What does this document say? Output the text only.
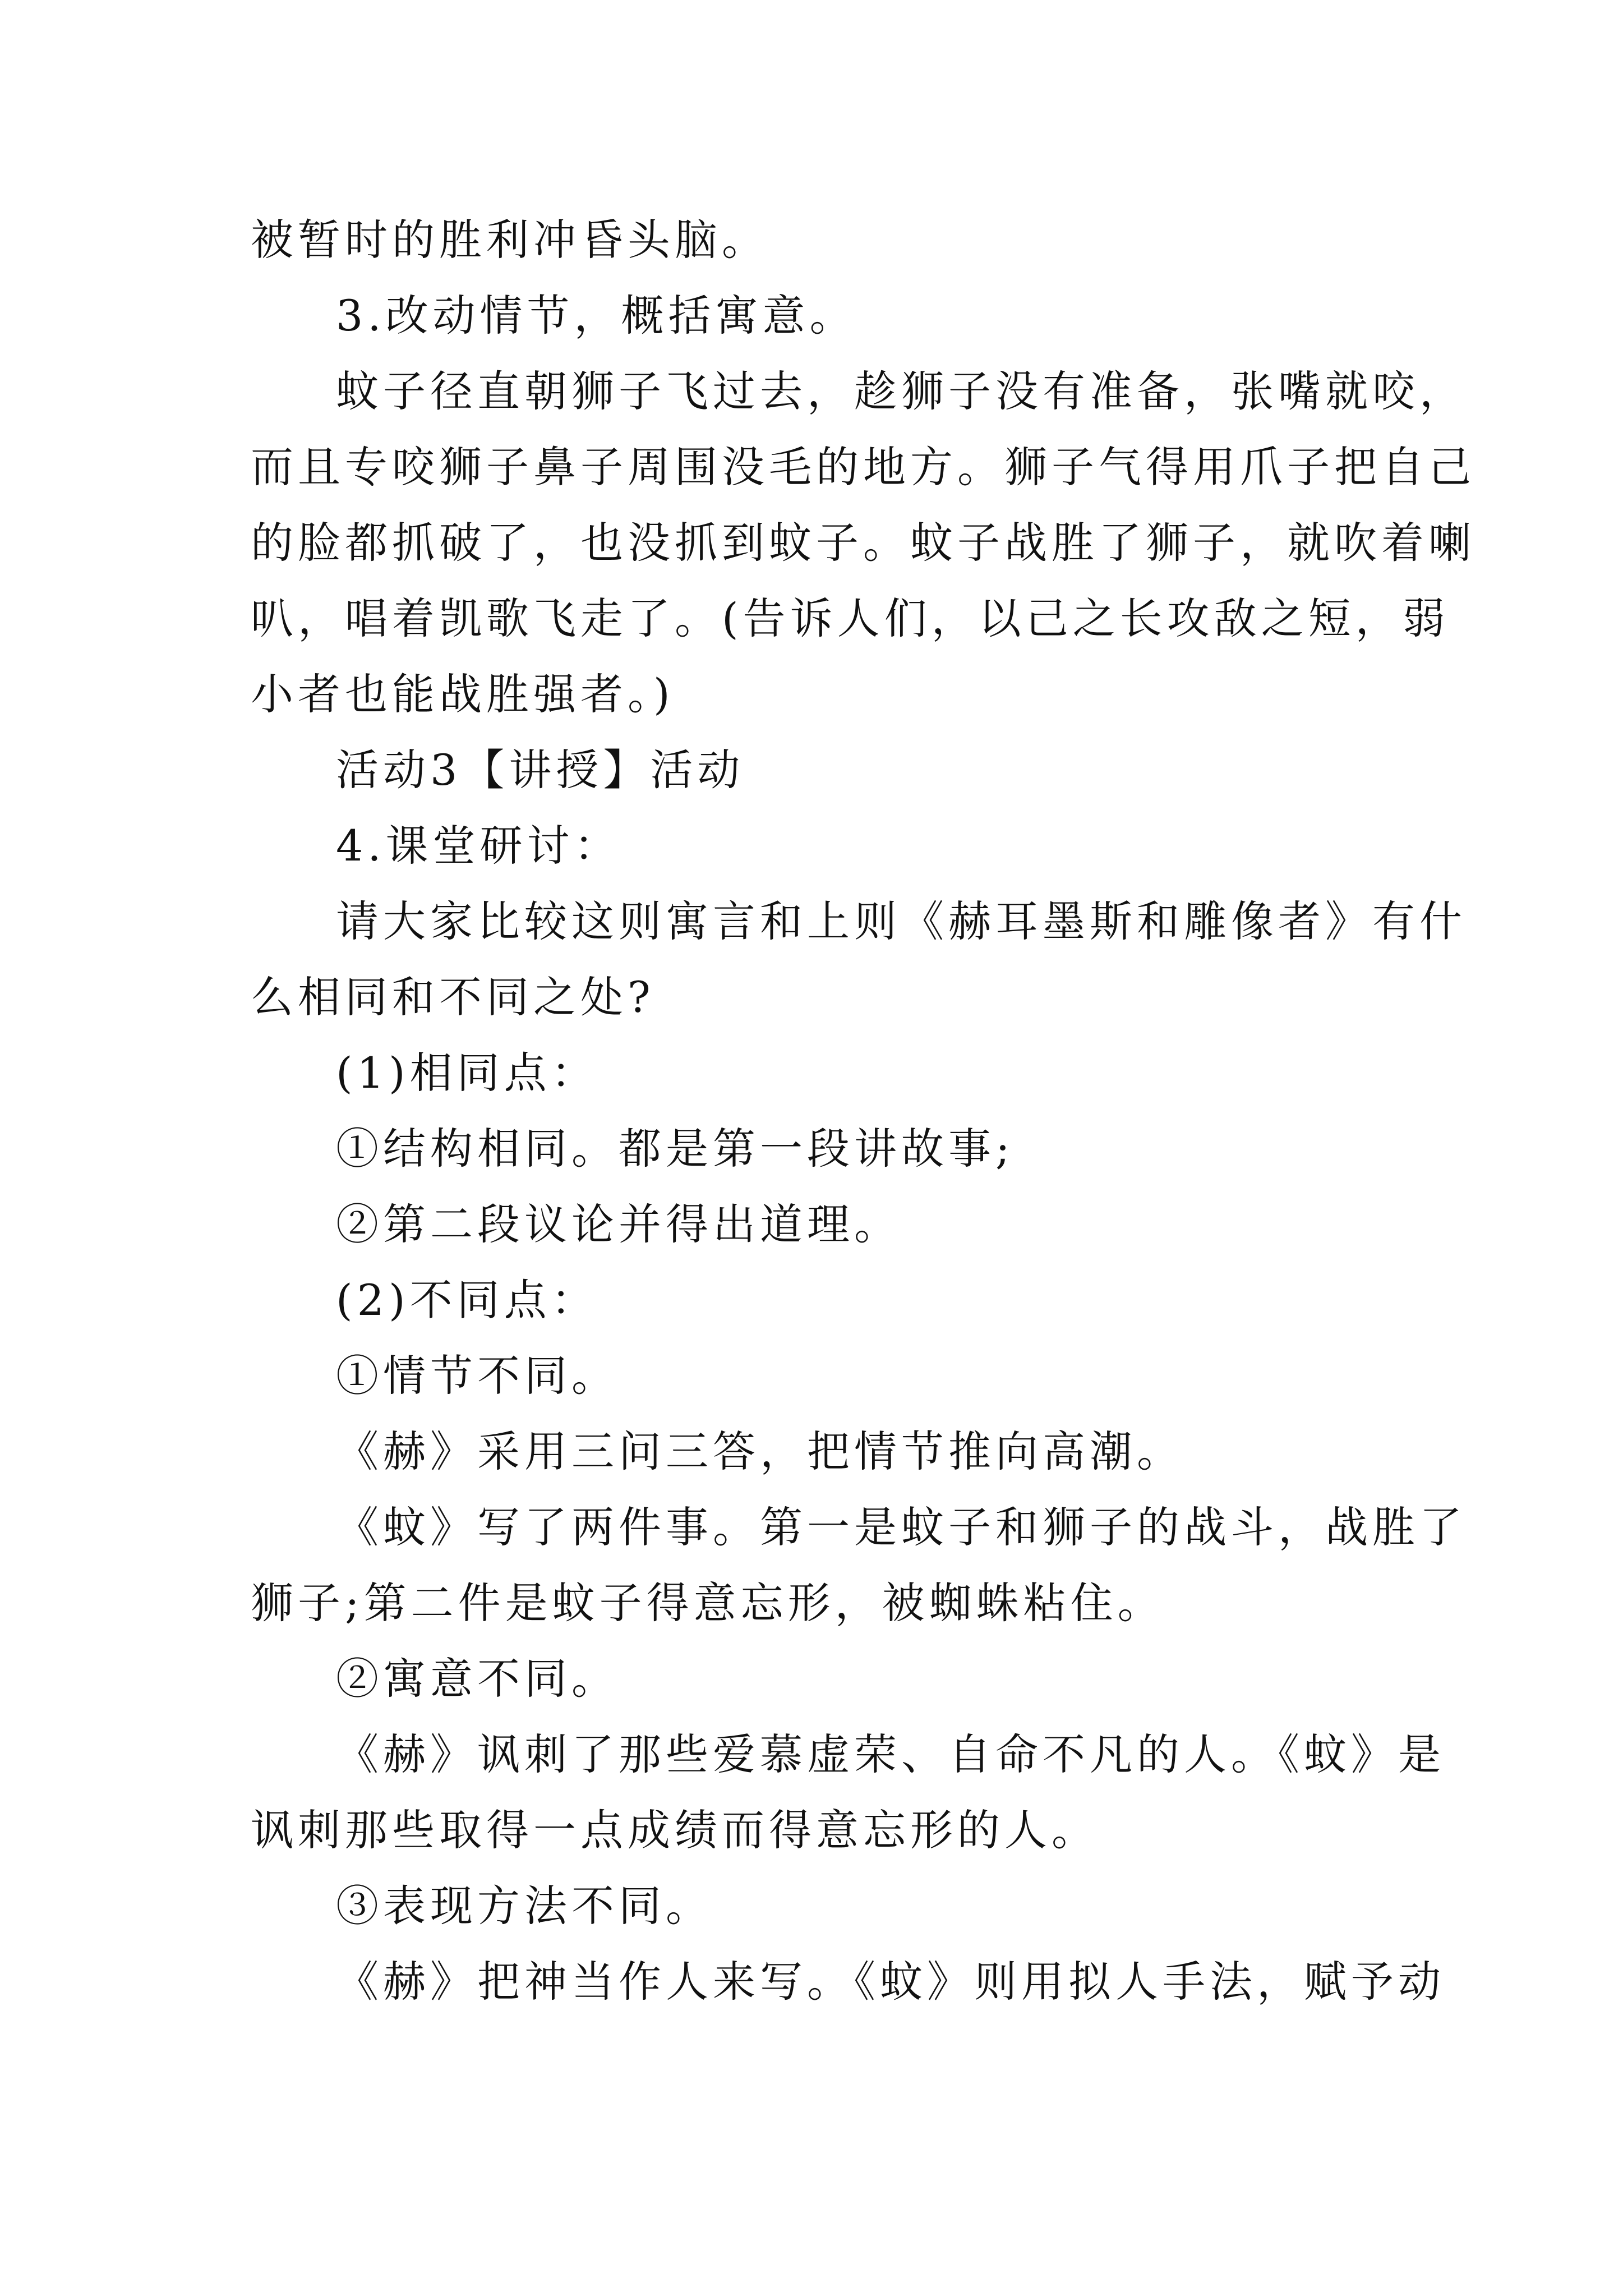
被暂时的胜利冲昏头脑。

3.改动情节，概括寓意。

蚊子径直朝狮子飞过去，趁狮子没有准备，张嘴就咬，

而且专咬狮子鼻子周围没毛的地方。狮子气得用爪子把自己

的脸都抓破了，也没抓到蚊子。蚊子战胜了狮子，就吹着喇

叭，唱着凯歌飞走了。(告诉人们，以己之长攻敌之短，弱

小者也能战胜强者。)

活动3【讲授】活动

4.课堂研讨：

请大家比较这则寓言和上则《赫耳墨斯和雕像者》有什

么相同和不同之处?

(1)相同点：

①结构相同。都是第一段讲故事;

②第二段议论并得出道理。

(2)不同点：

①情节不同。

《赫》采用三问三答，把情节推向高潮。

《蚊》写了两件事。第一是蚊子和狮子的战斗，战胜了

狮子;第二件是蚊子得意忘形，被蜘蛛粘住。

②寓意不同。

《赫》讽刺了那些爱慕虚荣、自命不凡的人。《蚊》是

讽刺那些取得一点成绩而得意忘形的人。

③表现方法不同。

《赫》把神当作人来写。《蚊》则用拟人手法，赋予动
